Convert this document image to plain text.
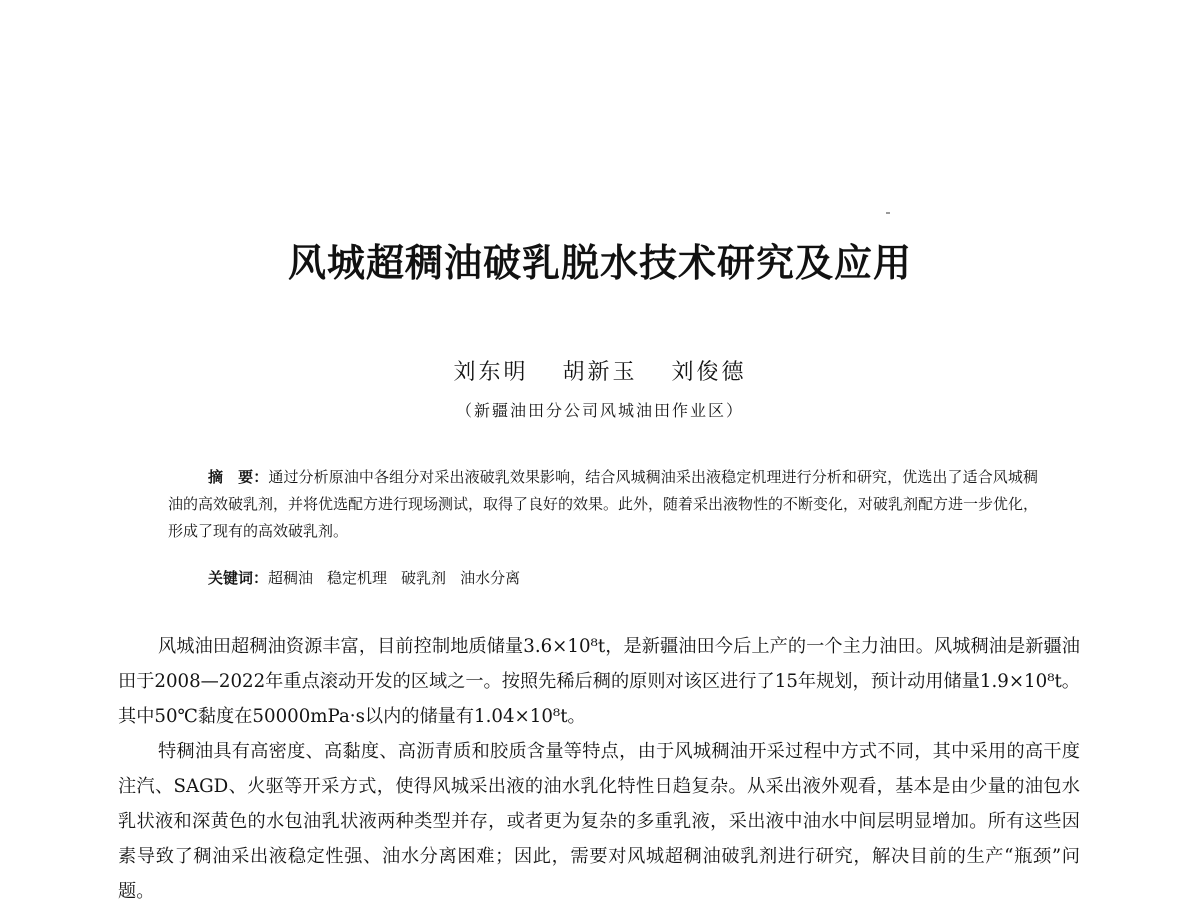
风城超稠油破乳脱水技术研究及应用
刘东明 胡新玉 刘俊德
（新疆油田分公司风城油田作业区）
摘　要：通过分析原油中各组分对采出液破乳效果影响，结合风城稠油采出液稳定机理进行分析和研究，优选出了适合风城稠油的高效破乳剂，并将优选配方进行现场测试，取得了良好的效果。此外，随着采出液物性的不断变化，对破乳剂配方进一步优化，形成了现有的高效破乳剂。
关键词：超稠油 稳定机理 破乳剂 油水分离

风城油田超稠油资源丰富，目前控制地质储量3.6×10⁸t，是新疆油田今后上产的一个主力油田。风城稠油是新疆油田于2008—2022年重点滚动开发的区域之一。按照先稀后稠的原则对该区进行了15年规划，预计动用储量1.9×10⁸t。其中50℃黏度在50000mPa·s以内的储量有1.04×10⁸t。

特稠油具有高密度、高黏度、高沥青质和胶质含量等特点，由于风城稠油开采过程中方式不同，其中采用的高干度注汽、SAGD、火驱等开采方式，使得风城采出液的油水乳化特性日趋复杂。从采出液外观看，基本是由少量的油包水乳状液和深黄色的水包油乳状液两种类型并存，或者更为复杂的多重乳液，采出液中油水中间层明显增加。所有这些因素导致了稠油采出液稳定性强、油水分离困难；因此，需要对风城超稠油破乳剂进行研究，解决目前的生产“瓶颈”问题。
